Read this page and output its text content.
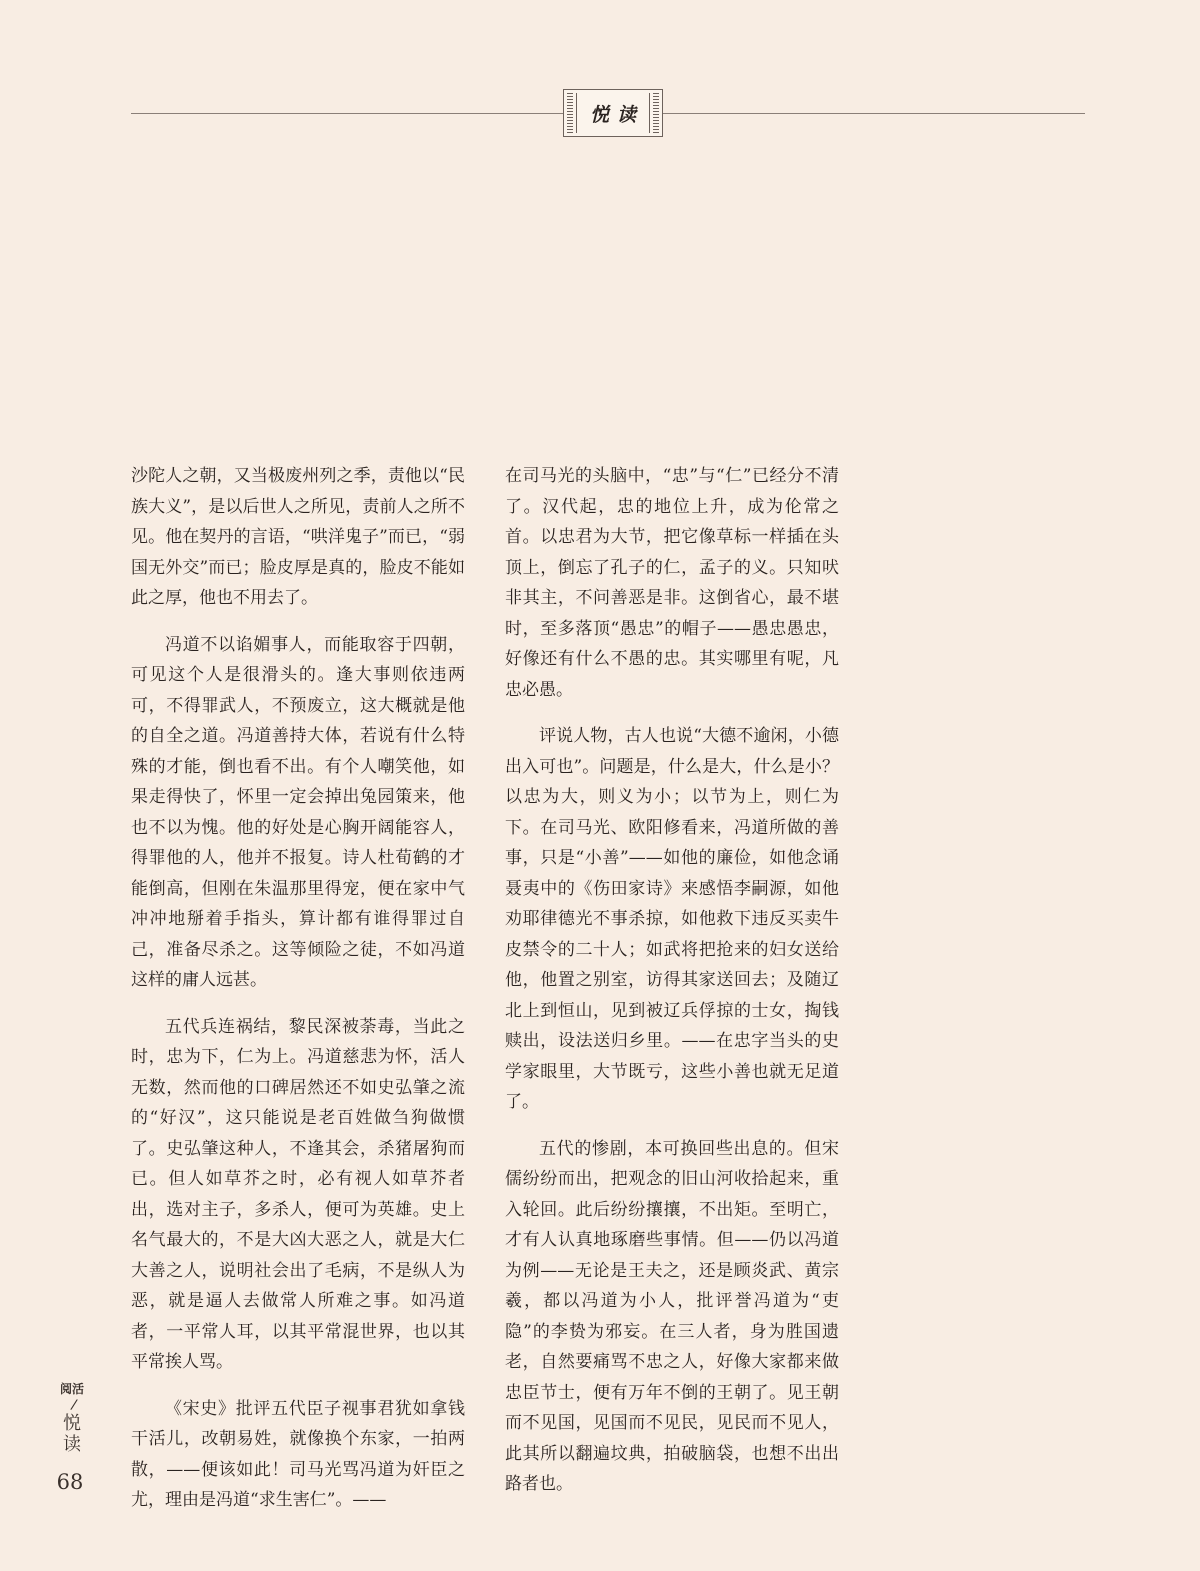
悦读

沙陀人之朝，又当极废州列之季，责他以“民族大义”，是以后世人之所见，责前人之所不见。他在契丹的言语，“哄洋鬼子”而已，“弱国无外交”而已；脸皮厚是真的，脸皮不能如此之厚，他也不用去了。

冯道不以谄媚事人，而能取容于四朝，可见这个人是很滑头的。逢大事则依违两可，不得罪武人，不预废立，这大概就是他的自全之道。冯道善持大体，若说有什么特殊的才能，倒也看不出。有个人嘲笑他，如果走得快了，怀里一定会掉出兔园策来，他也不以为愧。他的好处是心胸开阔能容人，得罪他的人，他并不报复。诗人杜荀鹤的才能倒高，但刚在朱温那里得宠，便在家中气冲冲地掰着手指头，算计都有谁得罪过自己，准备尽杀之。这等倾险之徒，不如冯道这样的庸人远甚。

五代兵连祸结，黎民深被荼毒，当此之时，忠为下，仁为上。冯道慈悲为怀，活人无数，然而他的口碑居然还不如史弘肇之流的“好汉”，这只能说是老百姓做刍狗做惯了。史弘肇这种人，不逢其会，杀猪屠狗而已。但人如草芥之时，必有视人如草芥者出，选对主子，多杀人，便可为英雄。史上名气最大的，不是大凶大恶之人，就是大仁大善之人，说明社会出了毛病，不是纵人为恶，就是逼人去做常人所难之事。如冯道者，一平常人耳，以其平常混世界，也以其平常挨人骂。

《宋史》批评五代臣子视事君犹如拿钱干活儿，改朝易姓，就像换个东家，一拍两散，——便该如此！司马光骂冯道为奸臣之尤，理由是冯道“求生害仁”。——

在司马光的头脑中，“忠”与“仁”已经分不清了。汉代起，忠的地位上升，成为伦常之首。以忠君为大节，把它像草标一样插在头顶上，倒忘了孔子的仁，孟子的义。只知吠非其主，不问善恶是非。这倒省心，最不堪时，至多落顶“愚忠”的帽子——愚忠愚忠，好像还有什么不愚的忠。其实哪里有呢，凡忠必愚。

评说人物，古人也说“大德不逾闲，小德出入可也”。问题是，什么是大，什么是小？以忠为大，则义为小；以节为上，则仁为下。在司马光、欧阳修看来，冯道所做的善事，只是“小善”——如他的廉俭，如他念诵聂夷中的《伤田家诗》来感悟李嗣源，如他劝耶律德光不事杀掠，如他救下违反买卖牛皮禁令的二十人；如武将把抢来的妇女送给他，他置之别室，访得其家送回去；及随辽北上到恒山，见到被辽兵俘掠的士女，掏钱赎出，设法送归乡里。——在忠字当头的史学家眼里，大节既亏，这些小善也就无足道了。

五代的惨剧，本可换回些出息的。但宋儒纷纷而出，把观念的旧山河收拾起来，重入轮回。此后纷纷攘攘，不出矩。至明亡，才有人认真地琢磨些事情。但——仍以冯道为例——无论是王夫之，还是顾炎武、黄宗羲，都以冯道为小人，批评誉冯道为“吏隐”的李贽为邪妄。在三人者，身为胜国遗老，自然要痛骂不忠之人，好像大家都来做忠臣节士，便有万年不倒的王朝了。见王朝而不见国，见国而不见民，见民而不见人，此其所以翻遍坟典，拍破脑袋，也想不出出路者也。

阅活
/
悦读
68
